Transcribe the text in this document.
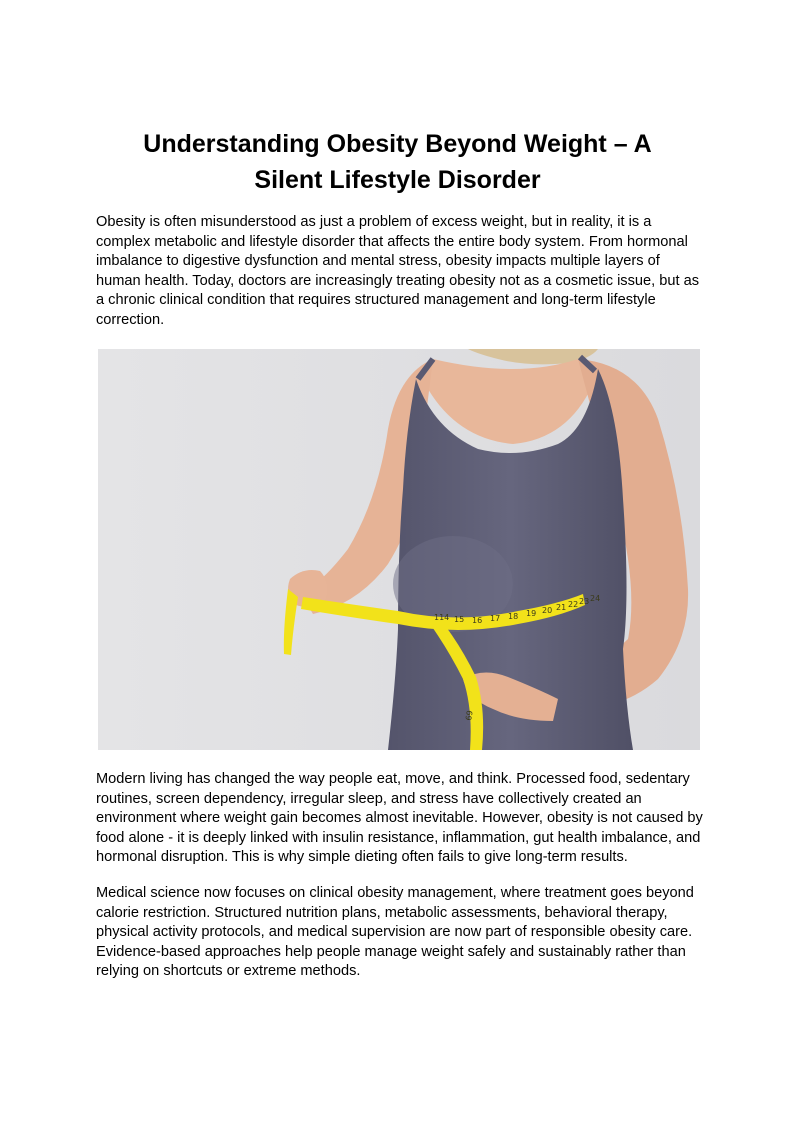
Understanding Obesity Beyond Weight – A
Silent Lifestyle Disorder

Obesity is often misunderstood as just a problem of excess weight, but in reality, it is a complex metabolic and lifestyle disorder that affects the entire body system. From hormonal imbalance to digestive dysfunction and mental stress, obesity impacts multiple layers of human health. Today, doctors are increasingly treating obesity not as a cosmetic issue, but as a chronic clinical condition that requires structured management and long-term lifestyle correction.

114 15 16 17 18 19 20 21 22 23 24
69

Modern living has changed the way people eat, move, and think. Processed food, sedentary routines, screen dependency, irregular sleep, and stress have collectively created an environment where weight gain becomes almost inevitable. However, obesity is not caused by food alone - it is deeply linked with insulin resistance, inflammation, gut health imbalance, and hormonal disruption. This is why simple dieting often fails to give long-term results.

Medical science now focuses on clinical obesity management, where treatment goes beyond calorie restriction. Structured nutrition plans, metabolic assessments, behavioral therapy, physical activity protocols, and medical supervision are now part of responsible obesity care. Evidence-based approaches help people manage weight safely and sustainably rather than relying on shortcuts or extreme methods.
